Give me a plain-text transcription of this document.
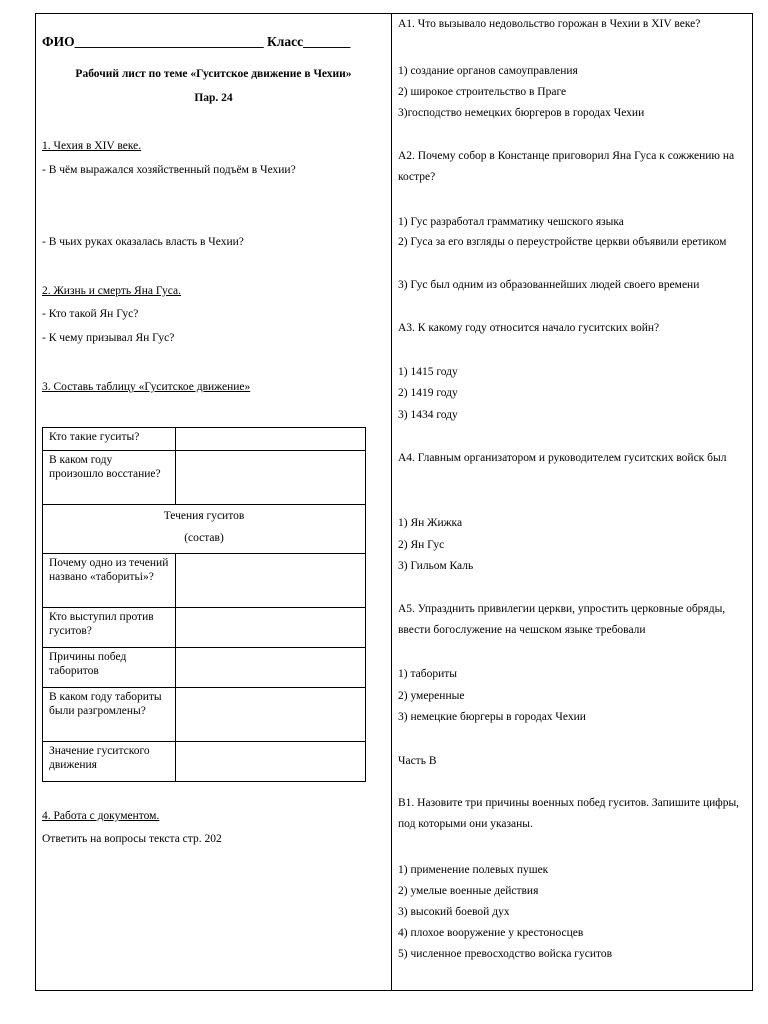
ФИО____________________________ Класс_______
Рабочий лист по теме «Гуситское движение в Чехии»
Пар. 24
1. Чехия в XIV веке.
- В чём выражался хозяйственный подъём в Чехии?
- В чьих руках оказалась власть в Чехии?
2. Жизнь и смерть Яна Гуса.
- Кто такой Ян Гус?
- К чему призывал Ян Гус?
3. Составь таблицу «Гуситское движение»
Кто такие гуситы?	
В каком году произошло восстание?	

Течения гуситов
(состав)	

Почему одно из течений названо «таборитьі»?	
Кто выступил против гуситов?	
Причины побед таборитов	
В каком году табориты были разгромлены?	
Значение гуситского движения	
4. Работа с документом.
Ответить на вопросы текста стр. 202
А1. Что вызывало недовольство горожан в Чехии в XIV веке?
1) создание органов самоуправления
2) широкое строительство в Праге
3)господство немецких бюргеров в городах Чехии
А2. Почему собор в Констанце приговорил Яна Гуса к сожжению на костре?
1) Гус разработал грамматику чешского языка
2) Гуса за его взгляды о переустройстве церкви объявили еретиком
3) Гус был одним из образованнейших людей своего времени
А3. К какому году относится начало гуситских войн?
1) 1415 году
2) 1419 году
3) 1434 году
А4. Главным организатором и руководителем гуситских войск был
1) Ян Жижка
2) Ян Гус
3) Гильом Каль
А5. Упразднить привилегии церкви, упростить церковные обряды, ввести богослужение на чешском языке требовали
1) табориты
2) умеренные
3) немецкие бюргеры в городах Чехии
Часть В
В1. Назовите три причины военных побед гуситов. Запишите цифры, под которыми они указаны.
1) применение полевых пушек
2) умелые военные действия
3) высокий боевой дух
4) плохое вооружение у крестоносцев
5) численное превосходство войска гуситов
